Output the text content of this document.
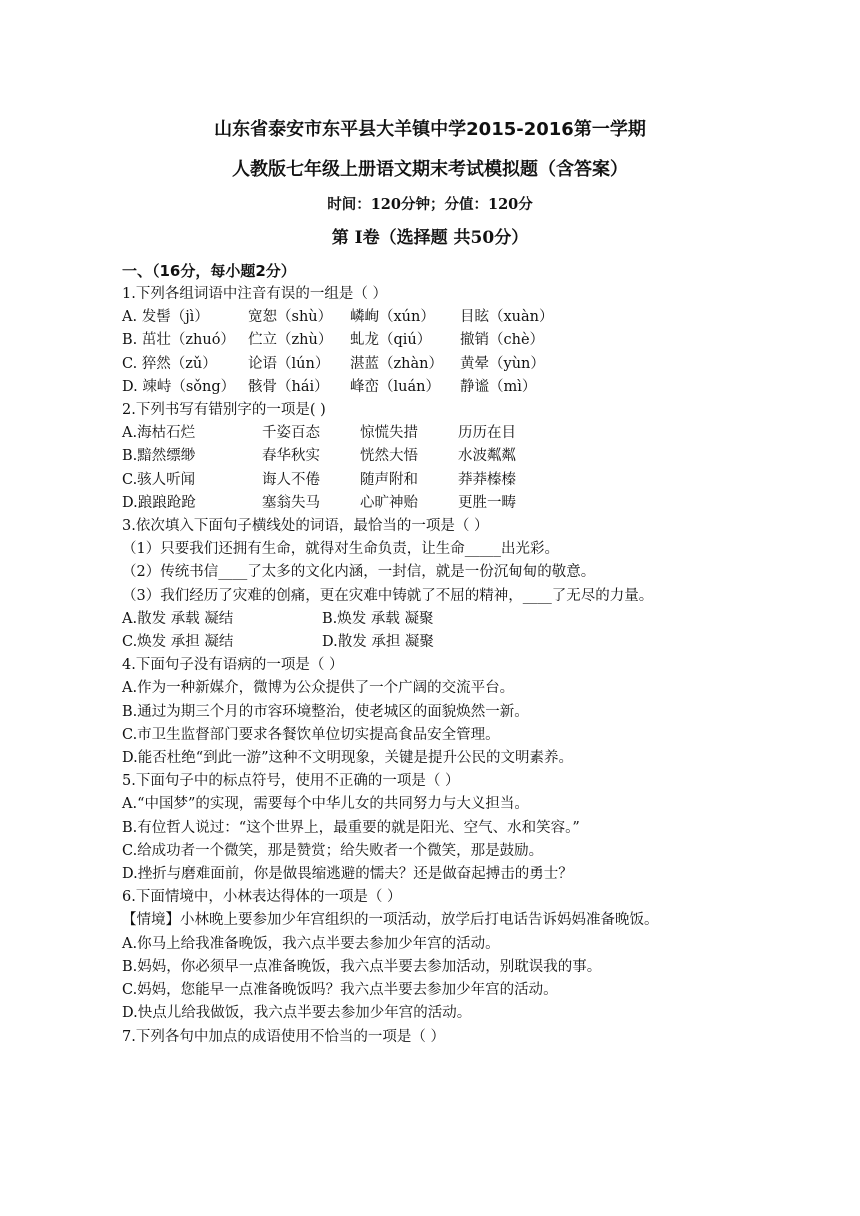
山东省泰安市东平县大羊镇中学2015-2016第一学期
人教版七年级上册语文期末考试模拟题（含答案）
时间：120分钟；分值：120分
第 Ⅰ卷（选择题 共50分）
一、（16分，每小题2分）
1.下列各组词语中注音有误的一组是（ ）
A. 发髻（jì）	宽恕（shù） 嶙峋（xún） 目眩（xuàn）
B. 茁壮（zhuó） 伫立（zhù） 虬龙（qiú） 撤销（chè）
C. 猝然（zǔ） 论语（lún） 湛蓝（zhàn） 黄晕（yùn）
D. 竦峙（sǒng） 骸骨（hái） 峰峦（luán） 静谧（mì）
2.下列书写有错别字的一项是( )
A.海枯石烂	千姿百态	惊慌失措	历历在目
B.黯然缥缈	春华秋实	恍然大悟	水波粼粼
C.骇人听闻	诲人不倦	随声附和	莽莽榛榛
D.踉踉跄跄	塞翁失马	心旷神贻	更胜一畴
3.依次填入下面句子横线处的词语，最恰当的一项是（ ）
（1）只要我们还拥有生命，就得对生命负责，让生命_____出光彩。
（2）传统书信____了太多的文化内涵，一封信，就是一份沉甸甸的敬意。
（3）我们经历了灾难的创痛，更在灾难中铸就了不屈的精神，____了无尽的力量。
A.散发 承载 凝结	B.焕发 承载 凝聚
C.焕发 承担 凝结	D.散发 承担 凝聚
4.下面句子没有语病的一项是（ ）
A.作为一种新媒介，微博为公众提供了一个广阔的交流平台。
B.通过为期三个月的市容环境整治，使老城区的面貌焕然一新。
C.市卫生监督部门要求各餐饮单位切实提高食品安全管理。
D.能否杜绝“到此一游”这种不文明现象，关键是提升公民的文明素养。
5.下面句子中的标点符号，使用不正确的一项是（ ）
A.“中国梦”的实现，需要每个中华儿女的共同努力与大义担当。
B.有位哲人说过：“这个世界上，最重要的就是阳光、空气、水和笑容。”
C.给成功者一个微笑，那是赞赏；给失败者一个微笑，那是鼓励。
D.挫折与磨难面前，你是做畏缩逃避的懦夫？还是做奋起搏击的勇士？
6.下面情境中，小林表达得体的一项是（ ）
【情境】小林晚上要参加少年宫组织的一项活动，放学后打电话告诉妈妈准备晚饭。
A.你马上给我准备晚饭，我六点半要去参加少年宫的活动。
B.妈妈，你必须早一点准备晚饭，我六点半要去参加活动，别耽误我的事。
C.妈妈，您能早一点准备晚饭吗？我六点半要去参加少年宫的活动。
D.快点儿给我做饭，我六点半要去参加少年宫的活动。
7.下列各句中加点的成语使用不恰当的一项是（ ）
